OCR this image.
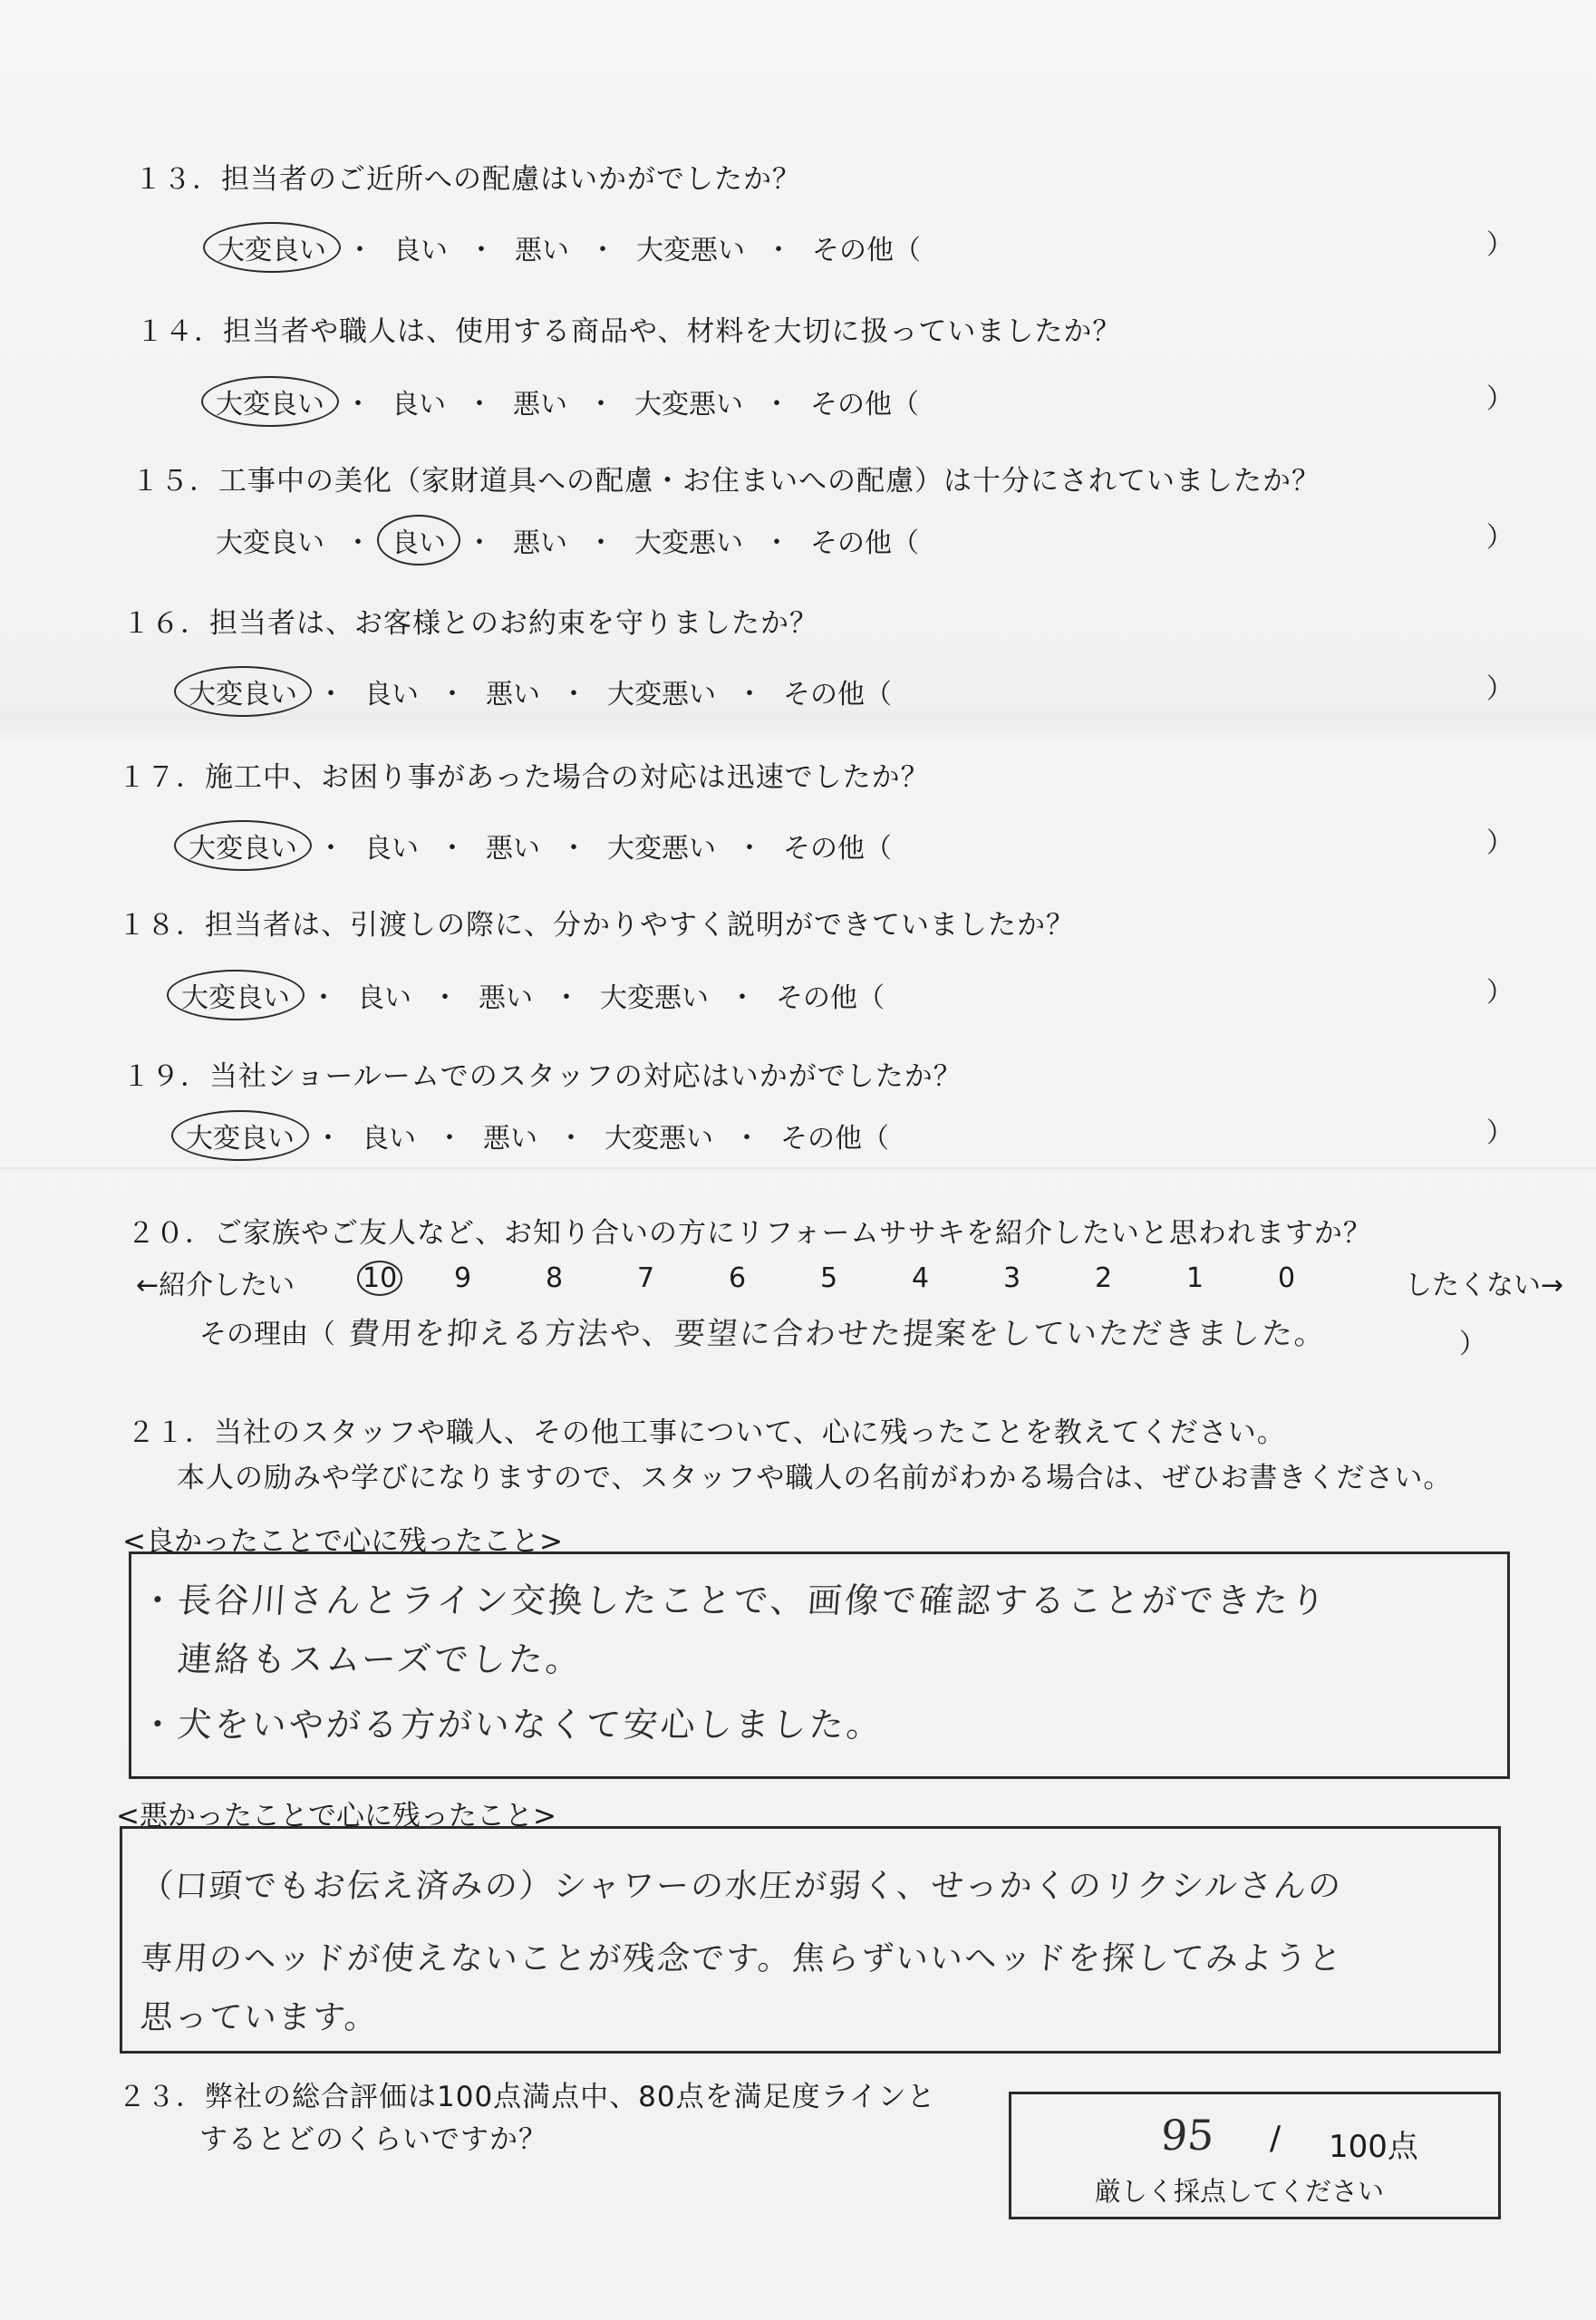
１３．担当者のご近所への配慮はいかがでしたか？
大変良い ・ 良い ・ 悪い ・ 大変悪い ・ その他（	）
１４．担当者や職人は、使用する商品や、材料を大切に扱っていましたか？
大変良い ・ 良い ・ 悪い ・ 大変悪い ・ その他（	）
１５．工事中の美化（家財道具への配慮・お住まいへの配慮）は十分にされていましたか？
大変良い ・ 良い ・ 悪い ・ 大変悪い ・ その他（	）
１６．担当者は、お客様とのお約束を守りましたか？
大変良い ・ 良い ・ 悪い ・ 大変悪い ・ その他（	）
１７．施工中、お困り事があった場合の対応は迅速でしたか？
大変良い ・ 良い ・ 悪い ・ 大変悪い ・ その他（	）
１８．担当者は、引渡しの際に、分かりやすく説明ができていましたか？
大変良い ・ 良い ・ 悪い ・ 大変悪い ・ その他（	）
１９．当社ショールームでのスタッフの対応はいかがでしたか？
大変良い ・ 良い ・ 悪い ・ 大変悪い ・ その他（	）
２０．ご家族やご友人など、お知り合いの方にリフォームササキを紹介したいと思われますか？
←紹介したい 10 9	8	7	6	5	4	3	2	1	0	したくない→
その理由（ 費用を抑える方法や、要望に合わせた提案をしていただきました。	）
２１．当社のスタッフや職人、その他工事について、心に残ったことを教えてください。
本人の励みや学びになりますので、スタッフや職人の名前がわかる場合は、ぜひお書きください。
<良かったことで心に残ったこと>
・長谷川さんとライン交換したことで、画像で確認することができたり
　連絡もスムーズでした。
・犬をいやがる方がいなくて安心しました。
<悪かったことで心に残ったこと>
（口頭でもお伝え済みの）シャワーの水圧が弱く、せっかくのリクシルさんの
専用のヘッドが使えないことが残念です。焦らずいいヘッドを探してみようと
思っています。
２３．弊社の総合評価は100点満点中、80点を満足度ラインと
するとどのくらいですか？	95 / 100点
厳しく採点してください
